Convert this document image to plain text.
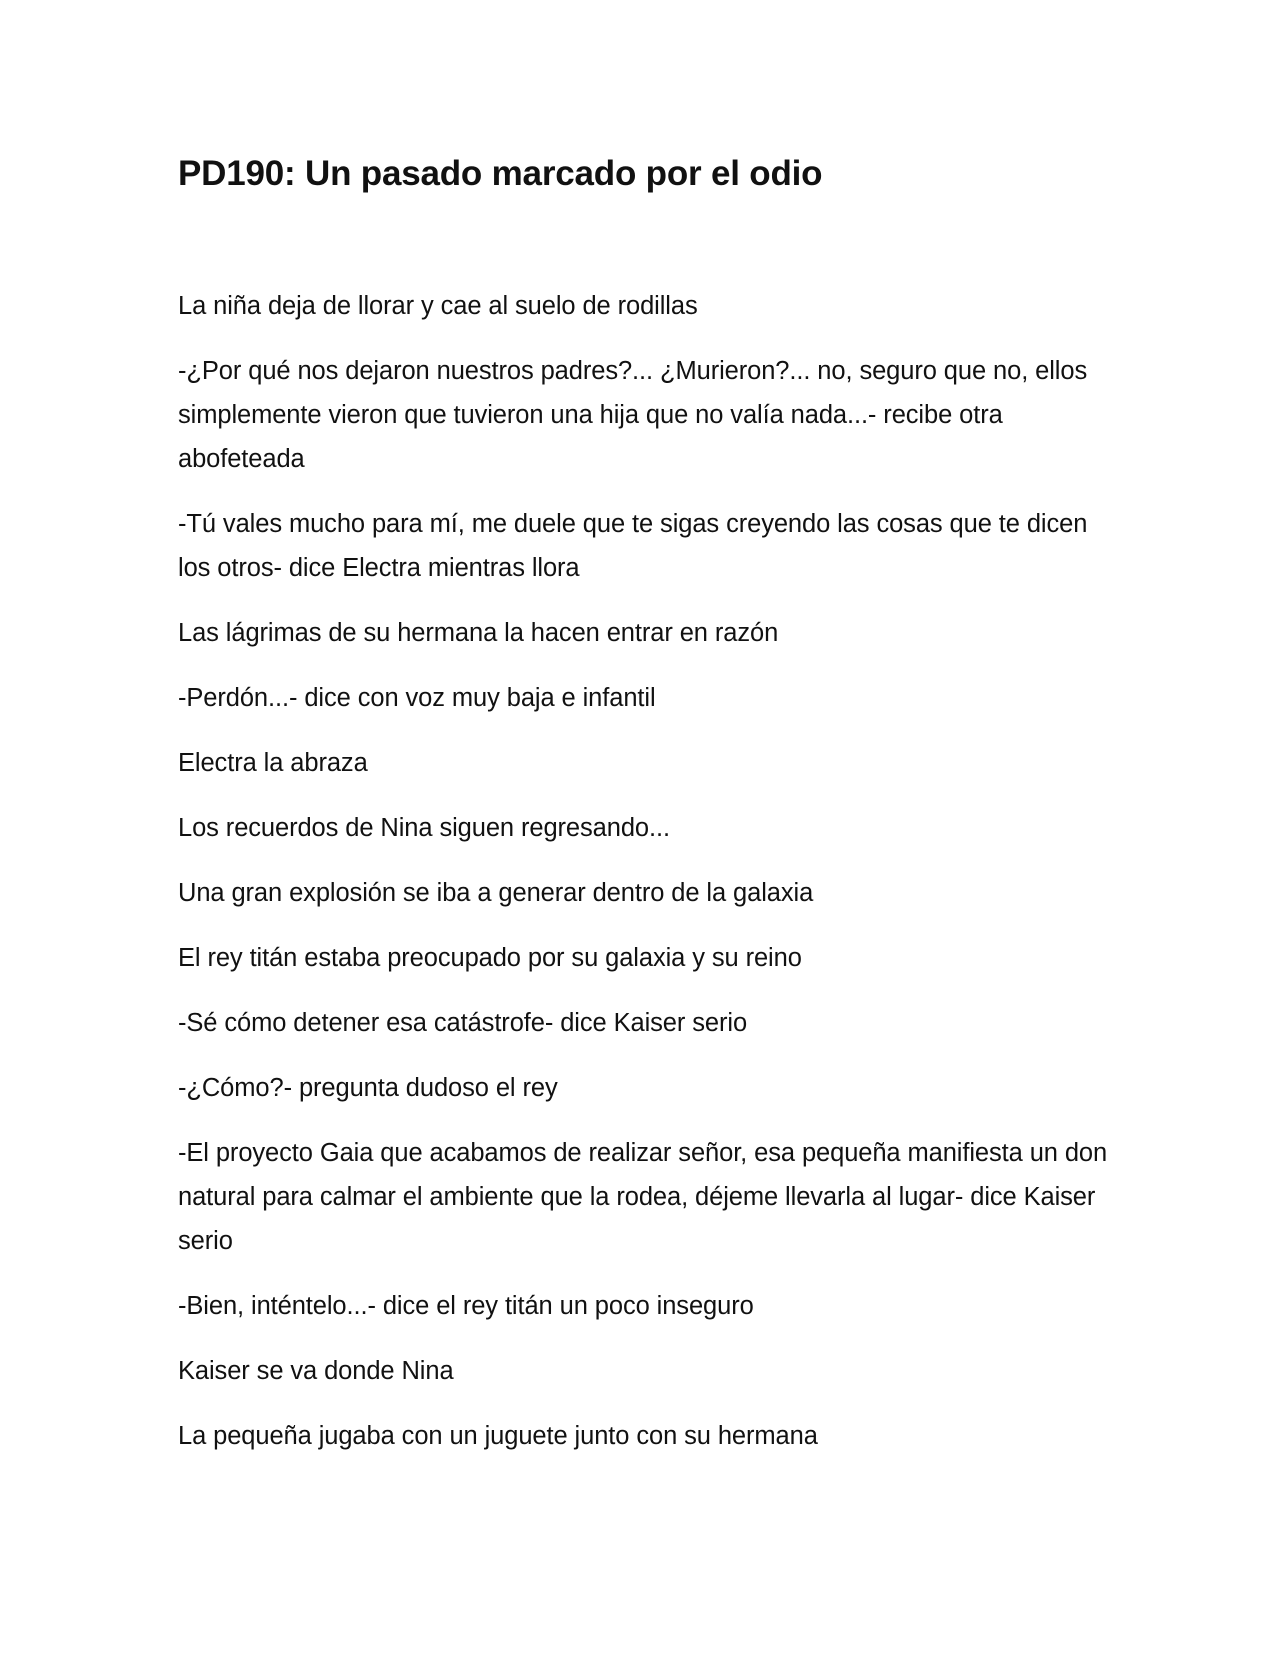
PD190: Un pasado marcado por el odio

La niña deja de llorar y cae al suelo de rodillas

-¿Por qué nos dejaron nuestros padres?... ¿Murieron?... no, seguro que no, ellos simplemente vieron que tuvieron una hija que no valía nada...- recibe otra abofeteada

-Tú vales mucho para mí, me duele que te sigas creyendo las cosas que te dicen los otros- dice Electra mientras llora

Las lágrimas de su hermana la hacen entrar en razón

-Perdón...- dice con voz muy baja e infantil

Electra la abraza

Los recuerdos de Nina siguen regresando...

Una gran explosión se iba a generar dentro de la galaxia

El rey titán estaba preocupado por su galaxia y su reino

-Sé cómo detener esa catástrofe- dice Kaiser serio

-¿Cómo?- pregunta dudoso el rey

-El proyecto Gaia que acabamos de realizar señor, esa pequeña manifiesta un don natural para calmar el ambiente que la rodea, déjeme llevarla al lugar- dice Kaiser serio

-Bien, inténtelo...- dice el rey titán un poco inseguro

Kaiser se va donde Nina

La pequeña jugaba con un juguete junto con su hermana
